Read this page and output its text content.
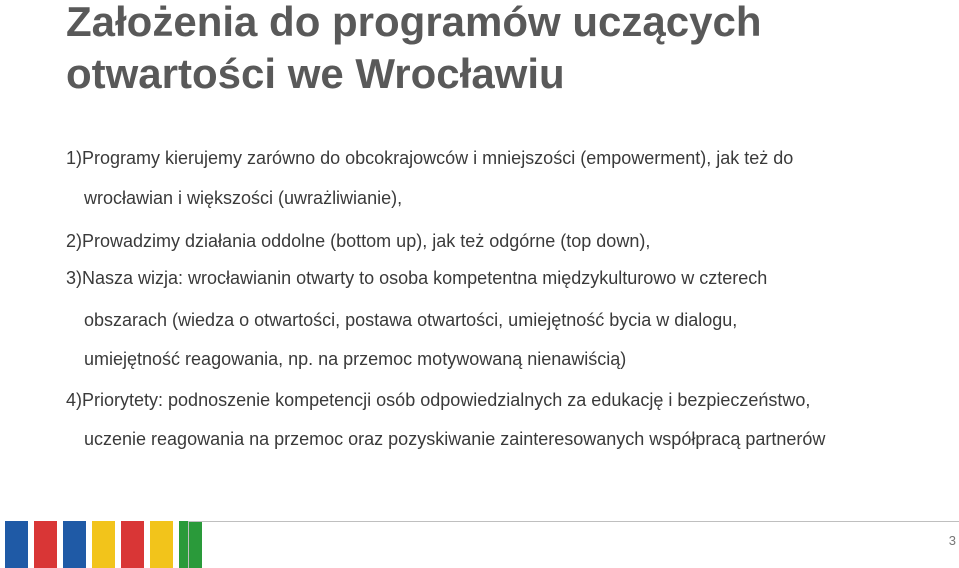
Założenia do programów uczących otwartości we Wrocławiu
1)Programy kierujemy zarówno do obcokrajowców i mniejszości (empowerment), jak też do
wrocławian i większości (uwrażliwianie),
2)Prowadzimy działania oddolne (bottom up), jak też odgórne (top down),
3)Nasza wizja: wrocławianin otwarty to osoba kompetentna międzykulturowo w czterech
obszarach (wiedza o otwartości, postawa otwartości, umiejętność bycia w dialogu,
umiejętność reagowania, np. na przemoc motywowaną nienawiścią)
4)Priorytety: podnoszenie kompetencji osób odpowiedzialnych za edukację i bezpieczeństwo,
uczenie reagowania na przemoc oraz pozyskiwanie zainteresowanych współpracą partnerów
3
